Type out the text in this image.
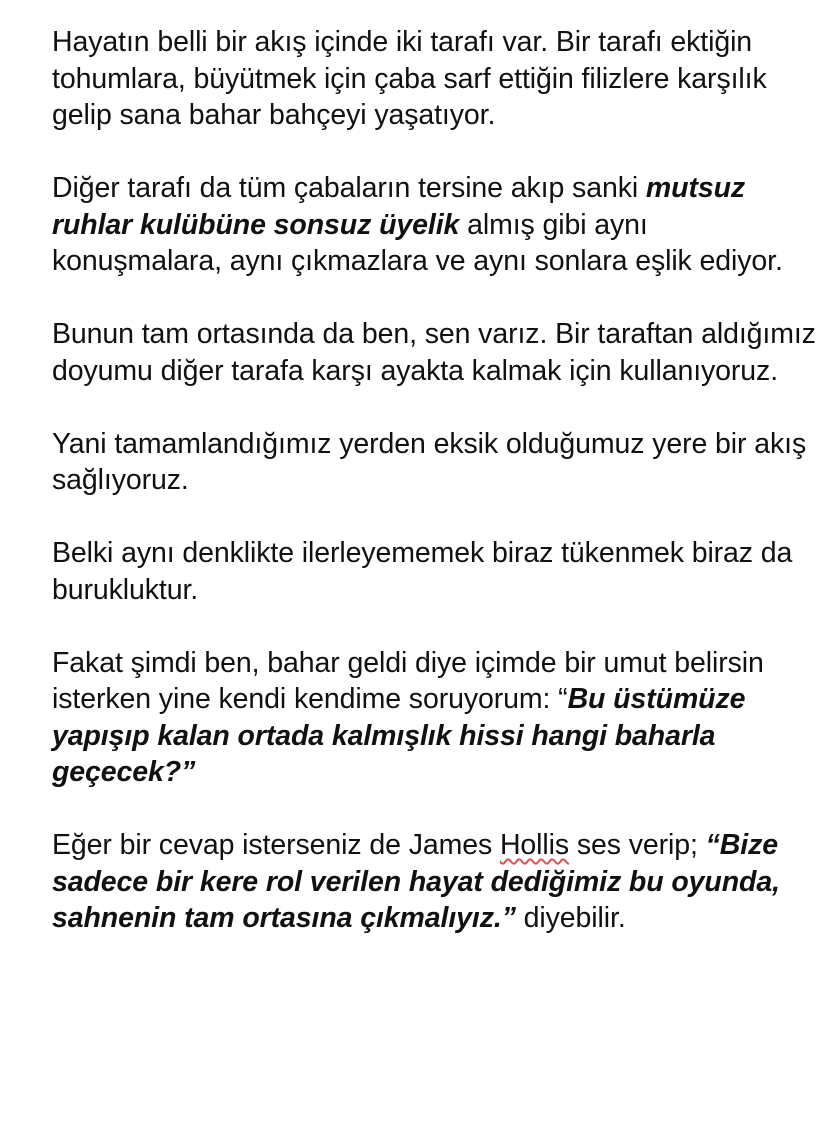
Hayatın belli bir akış içinde iki tarafı var. Bir tarafı ektiğin tohumlara, büyütmek için çaba sarf ettiğin filizlere karşılık gelip sana bahar bahçeyi yaşatıyor.

Diğer tarafı da tüm çabaların tersine akıp sanki mutsuz ruhlar kulübüne sonsuz üyelik almış gibi aynı konuşmalara, aynı çıkmazlara ve aynı sonlara eşlik ediyor.

Bunun tam ortasında da ben, sen varız. Bir taraftan aldığımız doyumu diğer tarafa karşı ayakta kalmak için kullanıyoruz.

Yani tamamlandığımız yerden eksik olduğumuz yere bir akış sağlıyoruz.

Belki aynı denklikte ilerleyememek biraz tükenmek biraz da burukluktur.

Fakat şimdi ben, bahar geldi diye içimde bir umut belirsin isterken yine kendi kendime soruyorum: “Bu üstümüze yapışıp kalan ortada kalmışlık hissi hangi baharla geçecek?”

Eğer bir cevap isterseniz de James Hollis ses verip; “Bize sadece bir kere rol verilen hayat dediğimiz bu oyunda, sahnenin tam ortasına çıkmalıyız.” diyebilir.
